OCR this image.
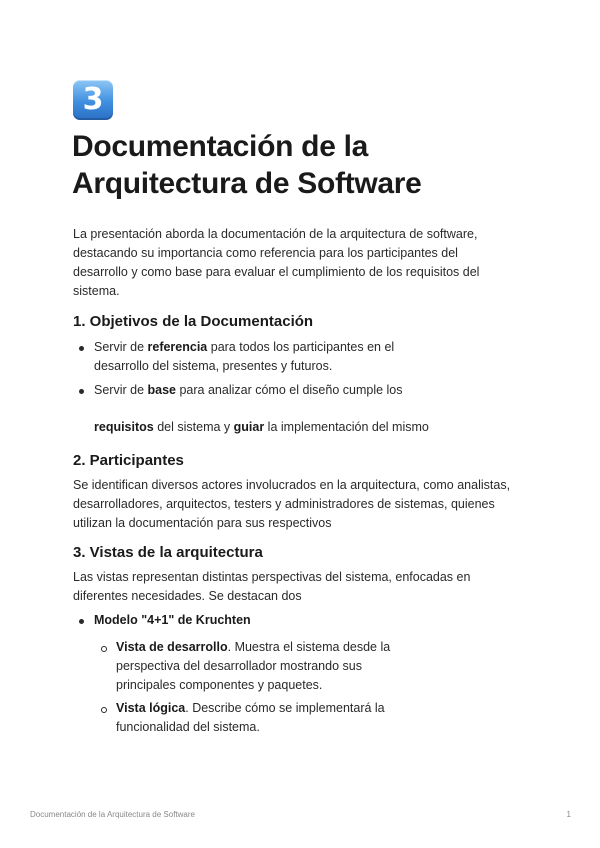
3
Documentación de la
Arquitectura de Software
La presentación aborda la documentación de la arquitectura de software,
destacando su importancia como referencia para los participantes del
desarrollo y como base para evaluar el cumplimiento de los requisitos del
sistema.
1. Objetivos de la Documentación
Servir de referencia para todos los participantes en el
desarrollo del sistema, presentes y futuros.
Servir de base para analizar cómo el diseño cumple los
requisitos del sistema y guiar la implementación del mismo
2. Participantes
Se identifican diversos actores involucrados en la arquitectura, como analistas,
desarrolladores, arquitectos, testers y administradores de sistemas, quienes
utilizan la documentación para sus respectivos
3. Vistas de la arquitectura
Las vistas representan distintas perspectivas del sistema, enfocadas en
diferentes necesidades. Se destacan dos
Modelo "4+1" de Kruchten
Vista de desarrollo. Muestra el sistema desde la
perspectiva del desarrollador mostrando sus
principales componentes y paquetes.
Vista lógica. Describe cómo se implementará la
funcionalidad del sistema.
Documentación de la Arquitectura de Software	1
